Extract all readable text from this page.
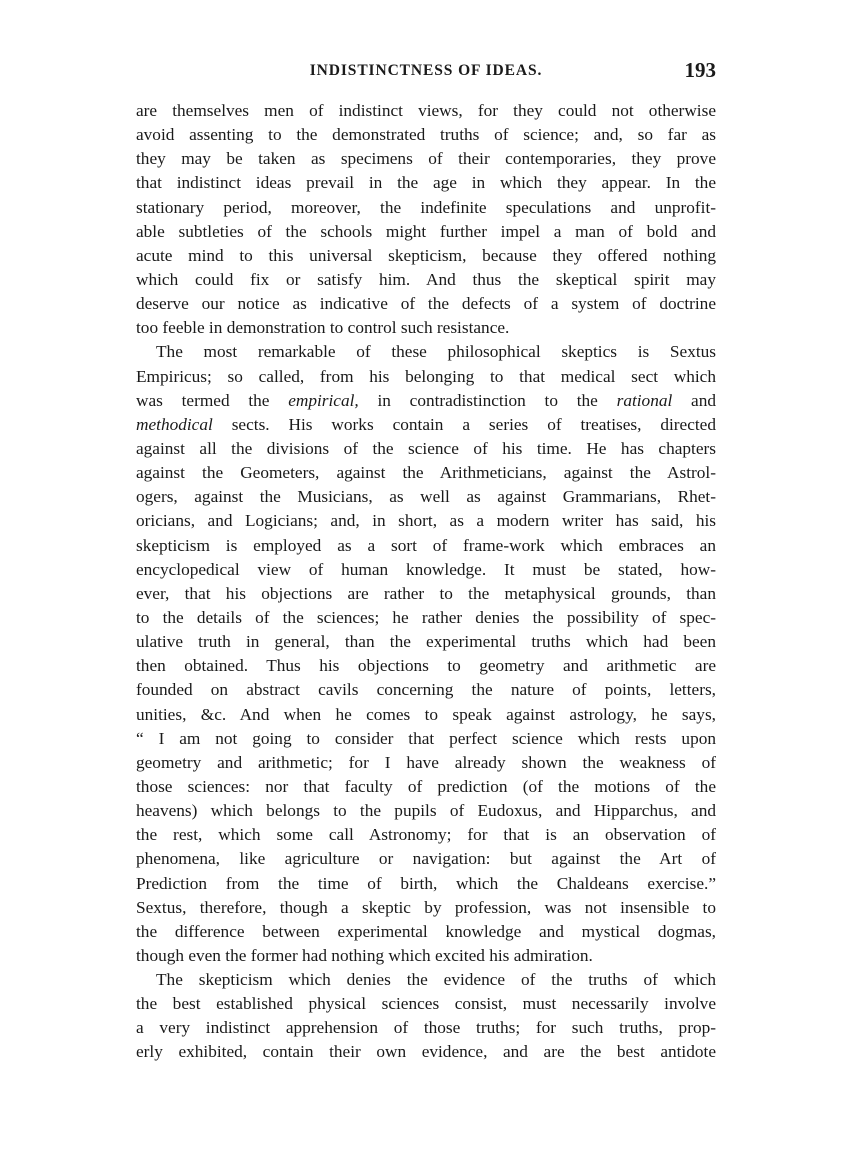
INDISTINCTNESS OF IDEAS.	193
are themselves men of indistinct views, for they could not otherwise
avoid assenting to the demonstrated truths of science; and, so far as
they may be taken as specimens of their contemporaries, they prove
that indistinct ideas prevail in the age in which they appear. In the
stationary period, moreover, the indefinite speculations and unprofit-
able subtleties of the schools might further impel a man of bold and
acute mind to this universal skepticism, because they offered nothing
which could fix or satisfy him. And thus the skeptical spirit may
deserve our notice as indicative of the defects of a system of doctrine
too feeble in demonstration to control such resistance.
The most remarkable of these philosophical skeptics is Sextus
Empiricus; so called, from his belonging to that medical sect which
was termed the empirical, in contradistinction to the rational and
methodical sects. His works contain a series of treatises, directed
against all the divisions of the science of his time. He has chapters
against the Geometers, against the Arithmeticians, against the Astrol-
ogers, against the Musicians, as well as against Grammarians, Rhet-
oricians, and Logicians; and, in short, as a modern writer has said, his
skepticism is employed as a sort of frame-work which embraces an
encyclopedical view of human knowledge. It must be stated, how-
ever, that his objections are rather to the metaphysical grounds, than
to the details of the sciences; he rather denies the possibility of spec-
ulative truth in general, than the experimental truths which had been
then obtained. Thus his objections to geometry and arithmetic are
founded on abstract cavils concerning the nature of points, letters,
unities, &c. And when he comes to speak against astrology, he says,
“ I am not going to consider that perfect science which rests upon
geometry and arithmetic; for I have already shown the weakness of
those sciences: nor that faculty of prediction (of the motions of the
heavens) which belongs to the pupils of Eudoxus, and Hipparchus, and
the rest, which some call Astronomy; for that is an observation of
phenomena, like agriculture or navigation: but against the Art of
Prediction from the time of birth, which the Chaldeans exercise.”
Sextus, therefore, though a skeptic by profession, was not insensible to
the difference between experimental knowledge and mystical dogmas,
though even the former had nothing which excited his admiration.
The skepticism which denies the evidence of the truths of which
the best established physical sciences consist, must necessarily involve
a very indistinct apprehension of those truths; for such truths, prop-
erly exhibited, contain their own evidence, and are the best antidote
